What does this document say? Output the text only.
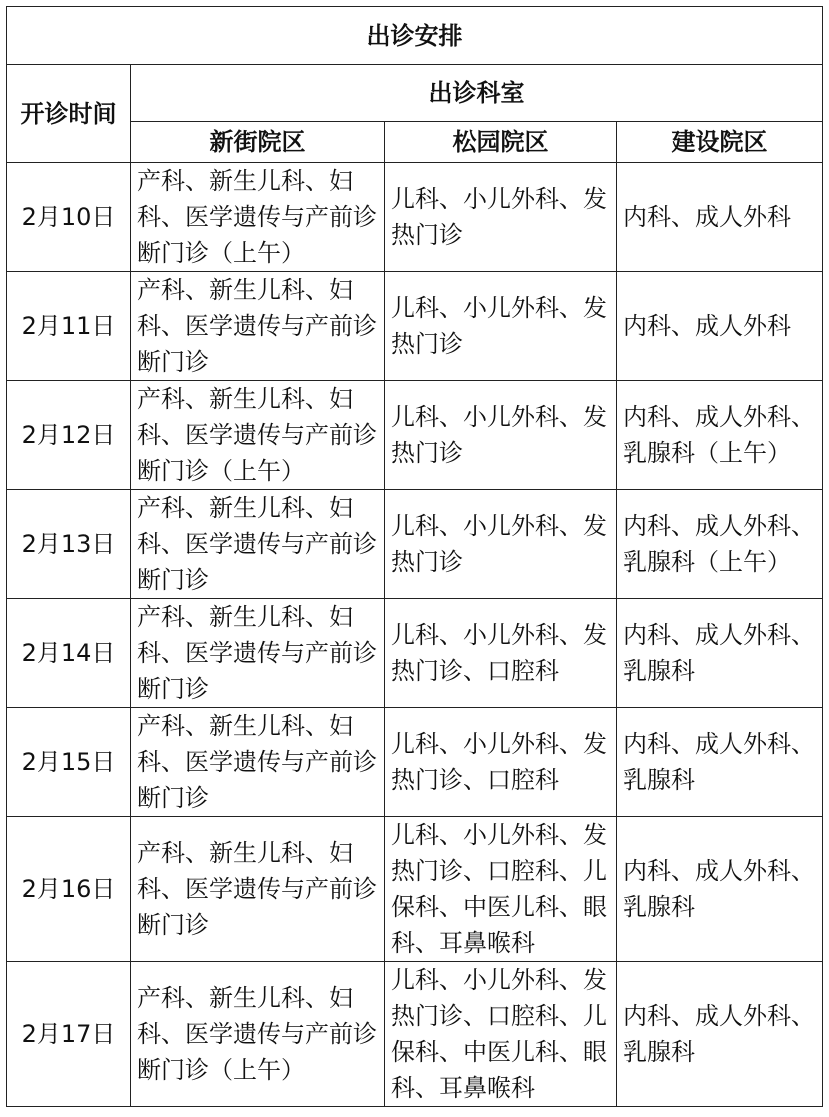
出诊安排			
开诊时间	出诊科室		
	新街院区	松园院区	建设院区
2月10日	产科、新生儿科、妇科、医学遗传与产前诊断门诊（上午）	儿科、小儿外科、发热门诊	内科、成人外科
2月11日	产科、新生儿科、妇科、医学遗传与产前诊断门诊	儿科、小儿外科、发热门诊	内科、成人外科
2月12日	产科、新生儿科、妇科、医学遗传与产前诊断门诊（上午）	儿科、小儿外科、发热门诊	内科、成人外科、乳腺科（上午）
2月13日	产科、新生儿科、妇科、医学遗传与产前诊断门诊	儿科、小儿外科、发热门诊	内科、成人外科、乳腺科（上午）
2月14日	产科、新生儿科、妇科、医学遗传与产前诊断门诊	儿科、小儿外科、发热门诊、口腔科	内科、成人外科、乳腺科
2月15日	产科、新生儿科、妇科、医学遗传与产前诊断门诊	儿科、小儿外科、发热门诊、口腔科	内科、成人外科、乳腺科
2月16日	产科、新生儿科、妇科、医学遗传与产前诊断门诊	儿科、小儿外科、发热门诊、口腔科、儿保科、中医儿科、眼科、耳鼻喉科	内科、成人外科、乳腺科
2月17日	产科、新生儿科、妇科、医学遗传与产前诊断门诊（上午）	儿科、小儿外科、发热门诊、口腔科、儿保科、中医儿科、眼科、耳鼻喉科	内科、成人外科、乳腺科
